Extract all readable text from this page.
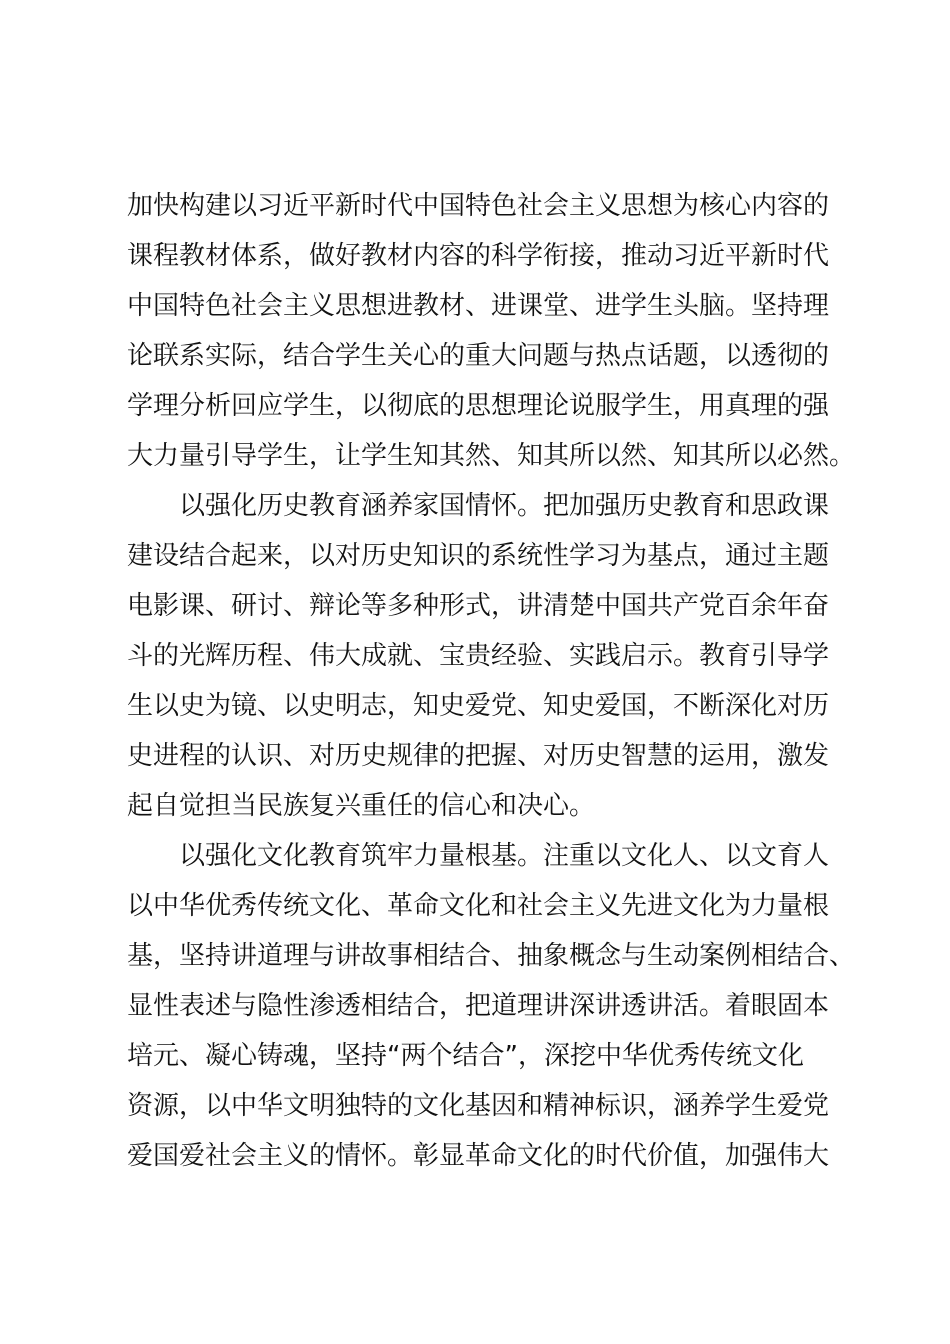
加快构建以习近平新时代中国特色社会主义思想为核心内容的
课程教材体系，做好教材内容的科学衔接，推动习近平新时代
中国特色社会主义思想进教材、进课堂、进学生头脑。坚持理
论联系实际，结合学生关心的重大问题与热点话题，以透彻的
学理分析回应学生，以彻底的思想理论说服学生，用真理的强
大力量引导学生，让学生知其然、知其所以然、知其所以必然。

以强化历史教育涵养家国情怀。把加强历史教育和思政课
建设结合起来，以对历史知识的系统性学习为基点，通过主题
电影课、研讨、辩论等多种形式，讲清楚中国共产党百余年奋
斗的光辉历程、伟大成就、宝贵经验、实践启示。教育引导学
生以史为镜、以史明志，知史爱党、知史爱国，不断深化对历
史进程的认识、对历史规律的把握、对历史智慧的运用，激发
起自觉担当民族复兴重任的信心和决心。

以强化文化教育筑牢力量根基。注重以文化人、以文育人
以中华优秀传统文化、革命文化和社会主义先进文化为力量根
基，坚持讲道理与讲故事相结合、抽象概念与生动案例相结合、
显性表述与隐性渗透相结合，把道理讲深讲透讲活。着眼固本
培元、凝心铸魂，坚持“两个结合”，深挖中华优秀传统文化
资源，以中华文明独特的文化基因和精神标识，涵养学生爱党
爱国爱社会主义的情怀。彰显革命文化的时代价值，加强伟大
